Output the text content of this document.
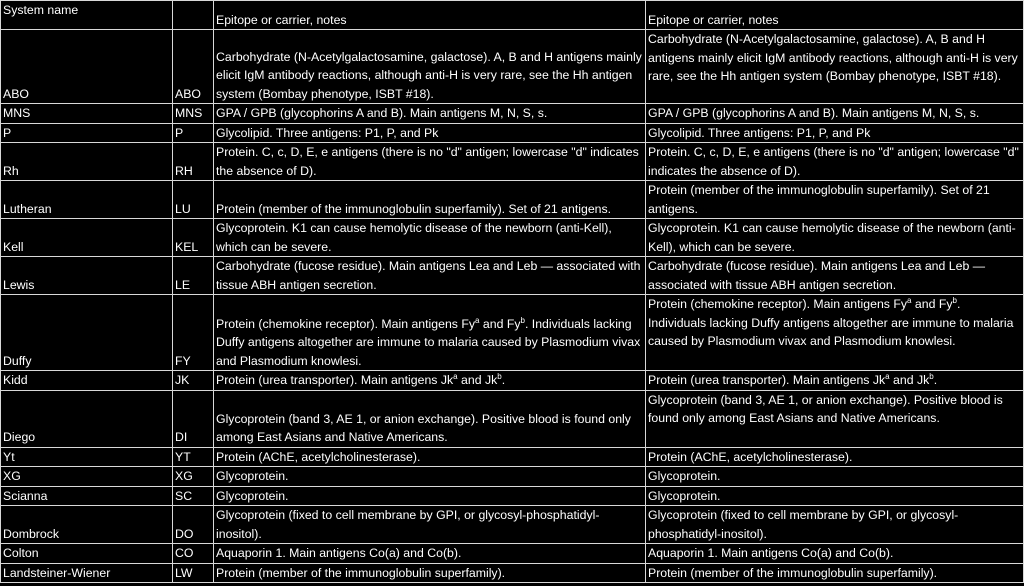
System name		Epitope or carrier, notes	Epitope or carrier, notes
ABO	ABO	Carbohydrate (N-Acetylgalactosamine, galactose). A, B and H antigens mainly elicit IgM antibody reactions, although anti-H is very rare, see the Hh antigen system (Bombay phenotype, ISBT #18).	Carbohydrate (N-Acetylgalactosamine, galactose). A, B and H antigens mainly elicit IgM antibody reactions, although anti-H is very rare, see the Hh antigen system (Bombay phenotype, ISBT #18).
MNS	MNS	GPA / GPB (glycophorins A and B). Main antigens M, N, S, s.	GPA / GPB (glycophorins A and B). Main antigens M, N, S, s.
P	P	Glycolipid. Three antigens: P1, P, and Pk	Glycolipid. Three antigens: P1, P, and Pk
Rh	RH	Protein. C, c, D, E, e antigens (there is no "d" antigen; lowercase "d" indicates the absence of D).	Protein. C, c, D, E, e antigens (there is no "d" antigen; lowercase "d" indicates the absence of D).
Lutheran	LU	Protein (member of the immunoglobulin superfamily). Set of 21 antigens.	Protein (member of the immunoglobulin superfamily). Set of 21 antigens.
Kell	KEL	Glycoprotein. K1 can cause hemolytic disease of the newborn (anti-Kell), which can be severe.	Glycoprotein. K1 can cause hemolytic disease of the newborn (anti-Kell), which can be severe.
Lewis	LE	Carbohydrate (fucose residue). Main antigens Lea and Leb — associated with tissue ABH antigen secretion.	Carbohydrate (fucose residue). Main antigens Lea and Leb — associated with tissue ABH antigen secretion.
Duffy	FY	Protein (chemokine receptor). Main antigens Fy$^a$ and Fy$^b$. Individuals lacking Duffy antigens altogether are immune to malaria caused by Plasmodium vivax and Plasmodium knowlesi.	Protein (chemokine receptor). Main antigens Fy$^a$ and Fy$^b$. Individuals lacking Duffy antigens altogether are immune to malaria caused by Plasmodium vivax and Plasmodium knowlesi.
Kidd	JK	Protein (urea transporter). Main antigens Jk$^a$ and Jk$^b$.	Protein (urea transporter). Main antigens Jk$^a$ and Jk$^b$.
Diego	DI	Glycoprotein (band 3, AE 1, or anion exchange). Positive blood is found only among East Asians and Native Americans.	Glycoprotein (band 3, AE 1, or anion exchange). Positive blood is found only among East Asians and Native Americans.
Yt	YT	Protein (AChE, acetylcholinesterase).	Protein (AChE, acetylcholinesterase).
XG	XG	Glycoprotein.	Glycoprotein.
Scianna	SC	Glycoprotein.	Glycoprotein.
Dombrock	DO	Glycoprotein (fixed to cell membrane by GPI, or glycosyl-phosphatidyl-inositol).	Glycoprotein (fixed to cell membrane by GPI, or glycosyl-phosphatidyl-inositol).
Colton	CO	Aquaporin 1. Main antigens Co(a) and Co(b).	Aquaporin 1. Main antigens Co(a) and Co(b).
Landsteiner-Wiener	LW	Protein (member of the immunoglobulin superfamily).	Protein (member of the immunoglobulin superfamily).
